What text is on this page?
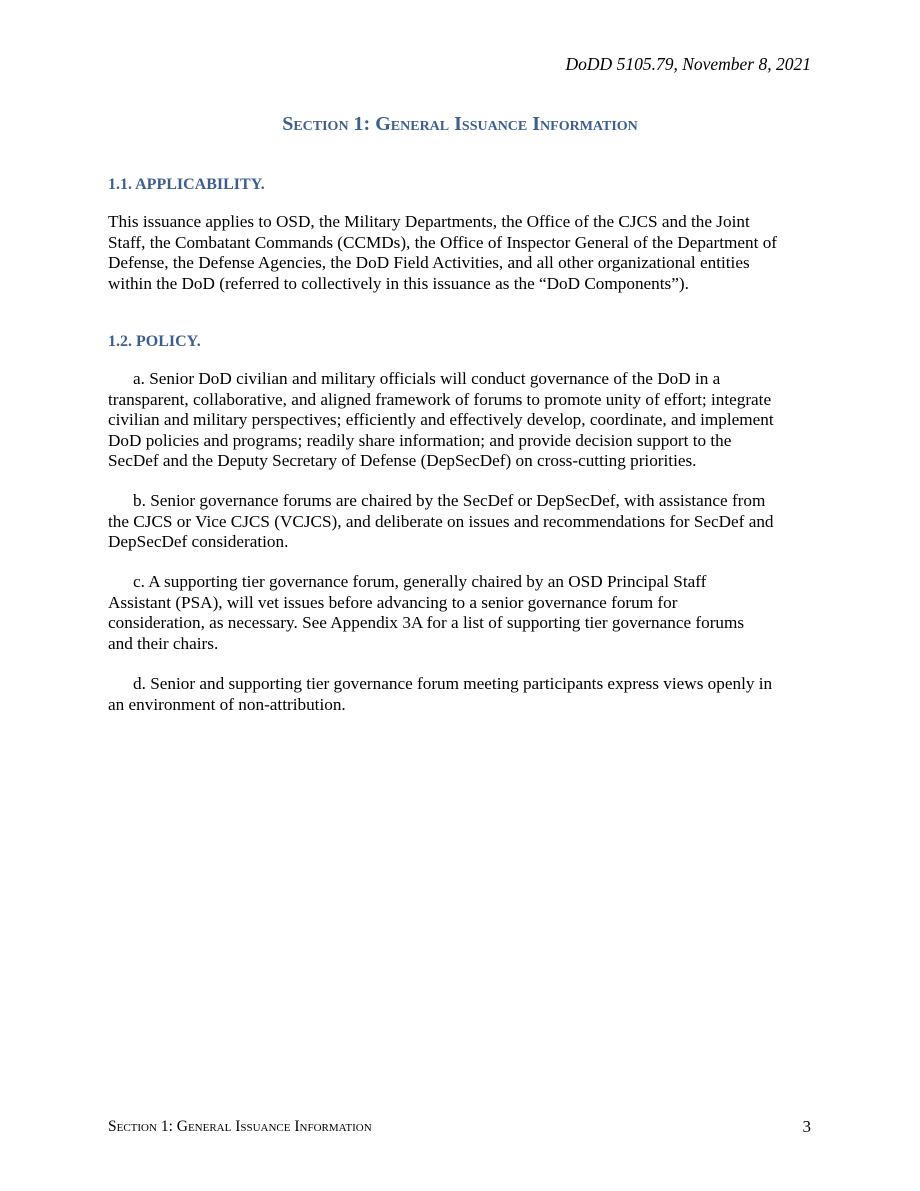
DoDD 5105.79, November 8, 2021
Section 1: General Issuance Information
1.1. APPLICABILITY.

This issuance applies to OSD, the Military Departments, the Office of the CJCS and the Joint
Staff, the Combatant Commands (CCMDs), the Office of Inspector General of the Department of
Defense, the Defense Agencies, the DoD Field Activities, and all other organizational entities
within the DoD (referred to collectively in this issuance as the “DoD Components”).

1.2. POLICY.

a. Senior DoD civilian and military officials will conduct governance of the DoD in a
transparent, collaborative, and aligned framework of forums to promote unity of effort; integrate
civilian and military perspectives; efficiently and effectively develop, coordinate, and implement
DoD policies and programs; readily share information; and provide decision support to the
SecDef and the Deputy Secretary of Defense (DepSecDef) on cross-cutting priorities.

b. Senior governance forums are chaired by the SecDef or DepSecDef, with assistance from
the CJCS or Vice CJCS (VCJCS), and deliberate on issues and recommendations for SecDef and
DepSecDef consideration.

c. A supporting tier governance forum, generally chaired by an OSD Principal Staff
Assistant (PSA), will vet issues before advancing to a senior governance forum for
consideration, as necessary. See Appendix 3A for a list of supporting tier governance forums
and their chairs.

d. Senior and supporting tier governance forum meeting participants express views openly in
an environment of non-attribution.

Section 1: General Issuance Information	3
